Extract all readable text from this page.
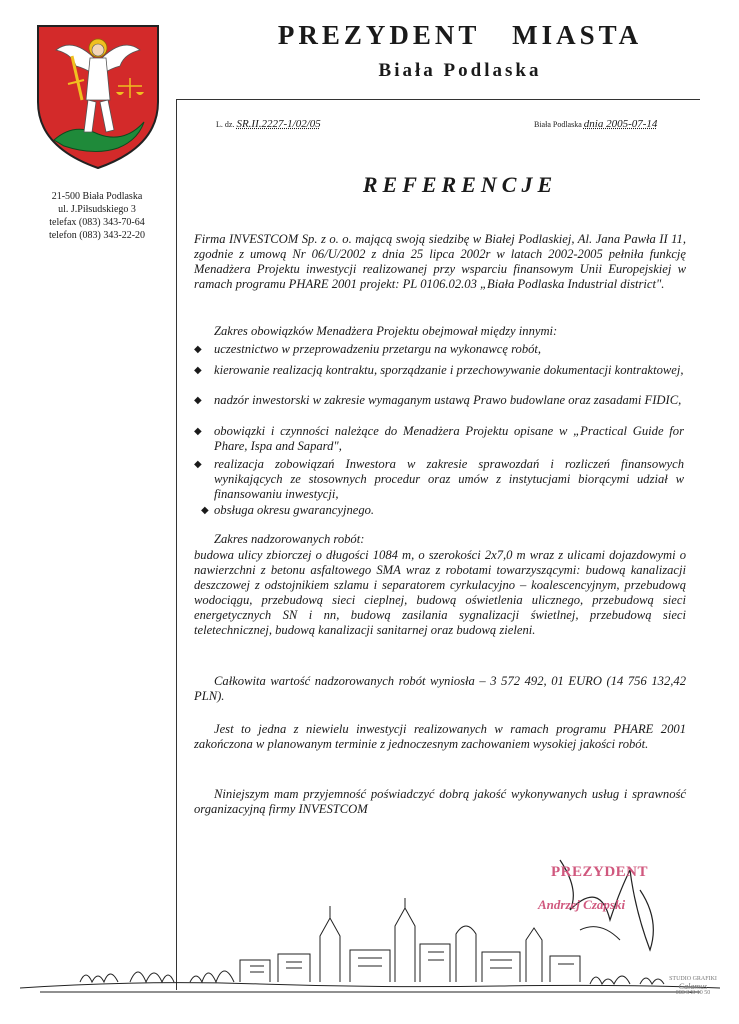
21-500 Biała Podlaska
ul. J.Piłsudskiego 3
telefax (083) 343-70-64
telefon (083) 343-22-20
PREZYDENT   MIASTA
Biała Podlaska
L. dz. SR.II.2227-1/02/05	Biała Podlaska dnia 2005-07-14
REFERENCJE
Firma INVESTCOM Sp. z o. o. mającą swoją siedzibę w Białej Podlaskiej, Al. Jana Pawła II 11, zgodnie z umową Nr 06/U/2002 z dnia 25 lipca 2002r w latach 2002-2005 pełniła funkcję Menadżera Projektu inwestycji realizowanej przy wsparciu finansowym Unii Europejskiej w ramach programu PHARE 2001 projekt: PL 0106.02.03 „Biała Podlaska Industrial district".
Zakres obowiązków Menadżera Projektu obejmował między innymi:
◆ uczestnictwo w przeprowadzeniu przetargu na wykonawcę robót,
◆ kierowanie realizacją kontraktu, sporządzanie i przechowywanie dokumentacji kontraktowej,
◆ nadzór inwestorski w zakresie wymaganym ustawą Prawo budowlane oraz zasadami FIDIC,
◆ obowiązki i czynności należące do Menadżera Projektu opisane w „Practical Guide for Phare, Ispa and Sapard",
◆ realizacja zobowiązań Inwestora w zakresie sprawozdań i rozliczeń finansowych wynikających ze stosownych procedur oraz umów z instytucjami biorącymi udział w finansowaniu inwestycji,
◆ obsługa okresu gwarancyjnego.
Zakres nadzorowanych robót:
budowa ulicy zbiorczej o długości 1084 m, o szerokości 2x7,0 m wraz z ulicami dojazdowymi o nawierzchni z betonu asfaltowego SMA wraz z robotami towarzyszącymi: budową kanalizacji deszczowej z odstojnikiem szlamu i separatorem cyrkulacyjno – koalescencyjnym, przebudową wodociągu, przebudową sieci cieplnej, budową oświetlenia ulicznego, przebudową sieci energetycznych SN i nn, budową zasilania sygnalizacji świetlnej, przebudową sieci teletechnicznej, budową kanalizacji sanitarnej oraz budową zieleni.
Całkowita wartość nadzorowanych robót wyniosła – 3 572 492, 01 EURO (14 756 132,42 PLN).
Jest to jedna z niewielu inwestycji realizowanych w ramach programu PHARE 2001 zakończona w planowanym terminie z jednoczesnym zachowaniem wysokiej jakości robót.
Niniejszym mam przyjemność poświadczyć dobrą jakość wykonywanych usług i sprawność organizacyjną firmy INVESTCOM
PREZYDENT
Andrzej Czapski
STUDIO GRAFIKI
Calamus
083 343 10 50
